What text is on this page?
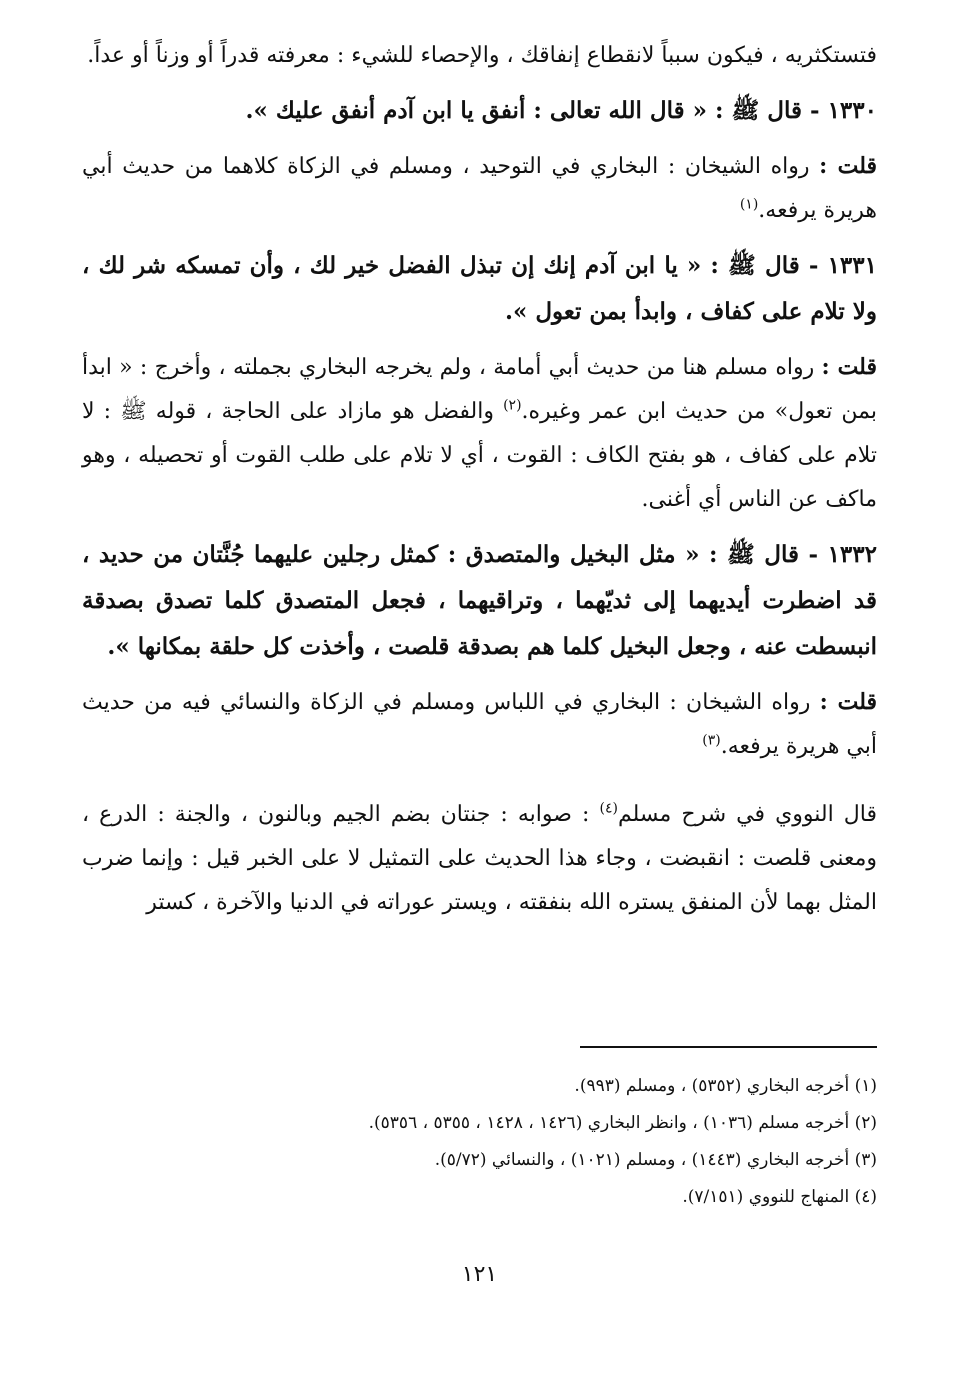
فتستكثريه ، فيكون سبباً لانقطاع إنفاقك ، والإحصاء للشيء : معرفته قدراً أو وزناً أو عداً.

١٣٣٠ - قال ﷺ : « قال الله تعالى : أنفق يا ابن آدم أنفق عليك ».

قلت : رواه الشيخان : البخاري في التوحيد ، ومسلم في الزكاة كلاهما من حديث أبي هريرة يرفعه.$^{(١)}$

١٣٣١ - قال ﷺ : « يا ابن آدم إنك إن تبذل الفضل خير لك ، وأن تمسكه شر لك ، ولا تلام على كفاف ، وابدأ بمن تعول ».

قلت : رواه مسلم هنا من حديث أبي أمامة ، ولم يخرجه البخاري بجملته ، وأخرج : « ابدأ بمن تعول» من حديث ابن عمر وغيره.$^{(٢)}$ والفضل هو مازاد على الحاجة ، قوله ﷺ : لا تلام على كفاف ، هو بفتح الكاف : القوت ، أي لا تلام على طلب القوت أو تحصيله ، وهو ماكف عن الناس أي أغنى.

١٣٣٢ - قال ﷺ : « مثل البخيل والمتصدق : كمثل رجلين عليهما جُنَّتان من حديد ، قد اضطرت أيديهما إلى ثديّهما ، وتراقيهما ، فجعل المتصدق كلما تصدق بصدقة انبسطت عنه ، وجعل البخيل كلما هم بصدقة قلصت ، وأخذت كل حلقة بمكانها ».

قلت : رواه الشيخان : البخاري في اللباس ومسلم في الزكاة والنسائي فيه من حديث أبي هريرة يرفعه.$^{(٣)}$

قال النووي في شرح مسلم$^{(٤)}$ : صوابه : جنتان بضم الجيم وبالنون ، والجنة : الدرع ، ومعنى قلصت : انقبضت ، وجاء هذا الحديث على التمثيل لا على الخبر قيل : وإنما ضرب المثل بهما لأن المنفق يستره الله بنفقته ، ويستر عوراته في الدنيا والآخرة ، كستر

(١) أخرجه البخاري (٥٣٥٢) ، ومسلم (٩٩٣).

(٢) أخرجه مسلم (١٠٣٦) ، وانظر البخاري (١٤٢٦ ، ١٤٢٨ ، ٥٣٥٥ ، ٥٣٥٦).

(٣) أخرجه البخاري (١٤٤٣) ، ومسلم (١٠٢١) ، والنسائي (٥/٧٢).

(٤) المنهاج للنووي (٧/١٥١).

١٢١
